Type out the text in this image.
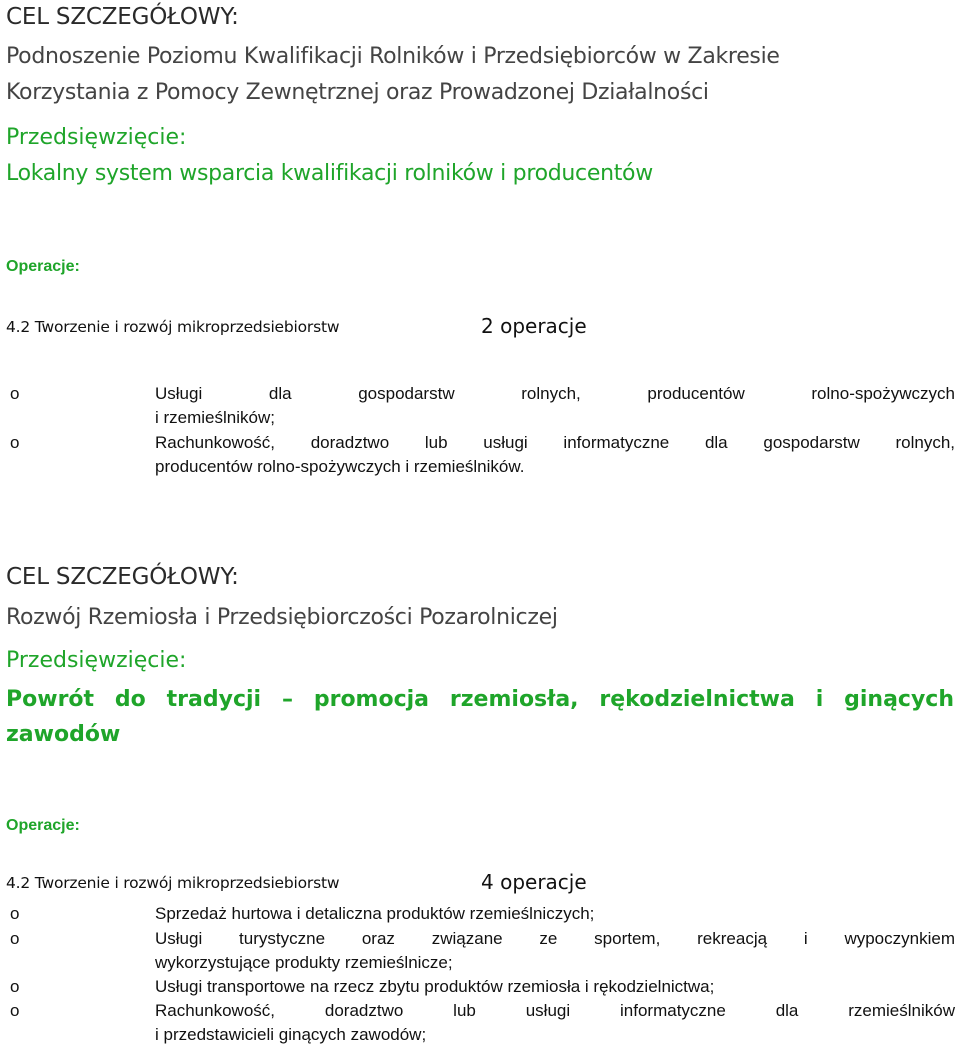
CEL SZCZEGÓŁOWY:
Podnoszenie Poziomu Kwalifikacji Rolników i Przedsiębiorców w Zakresie
Korzystania z Pomocy Zewnętrznej oraz Prowadzonej Działalności
Przedsięwzięcie:
Lokalny system wsparcia kwalifikacji rolników i producentów
Operacje:
4.2 Tworzenie i rozwój mikroprzedsiebiorstw	2 operacje
o	Usługi dla gospodarstw rolnych, producentów rolno-spożywczych
i rzemieślników;
o	Rachunkowość, doradztwo lub usługi informatyczne dla gospodarstw rolnych,
producentów rolno-spożywczych i rzemieślników.
CEL SZCZEGÓŁOWY:
Rozwój Rzemiosła i Przedsiębiorczości Pozarolniczej
Przedsięwzięcie:
Powrót do tradycji – promocja rzemiosła, rękodzielnictwa i ginących
zawodów
Operacje:
4.2 Tworzenie i rozwój mikroprzedsiebiorstw	4 operacje
o	Sprzedaż hurtowa i detaliczna produktów rzemieślniczych;
o	Usługi turystyczne oraz związane ze sportem, rekreacją i wypoczynkiem
wykorzystujące produkty rzemieślnicze;
o	Usługi transportowe na rzecz zbytu produktów rzemiosła i rękodzielnictwa;
o	Rachunkowość, doradztwo lub usługi informatyczne dla rzemieślników
i przedstawicieli ginących zawodów;
